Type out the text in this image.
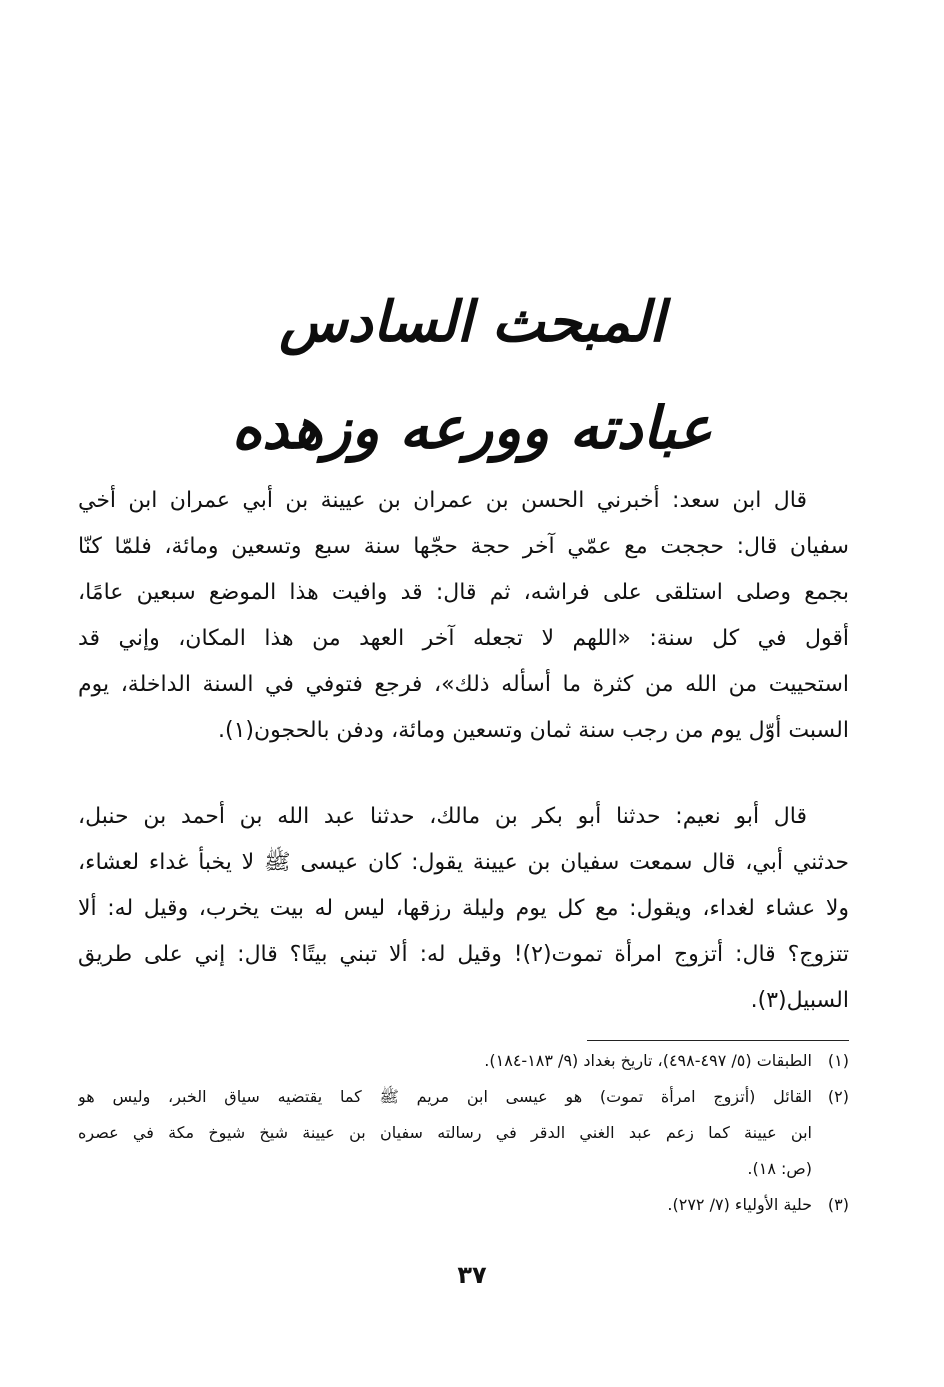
المبحث السادس
عبادته وورعه وزهده
قال ابن سعد: أخبرني الحسن بن عمران بن عيينة بن أبي عمران ابن أخي
سفيان قال: حججت مع عمّي آخر حجة حجّها سنة سبع وتسعين ومائة، فلمّا كنّا
بجمع وصلى استلقى على فراشه، ثم قال: قد وافيت هذا الموضع سبعين عامًا،
أقول في كل سنة: «اللهم لا تجعله آخر العهد من هذا المكان، وإني قد
استحييت من الله من كثرة ما أسأله ذلك»، فرجع فتوفي في السنة الداخلة، يوم
السبت أوّل يوم من رجب سنة ثمان وتسعين ومائة، ودفن بالحجون(١).
قال أبو نعيم: حدثنا أبو بكر بن مالك، حدثنا عبد الله بن أحمد بن حنبل،
حدثني أبي، قال سمعت سفيان بن عيينة يقول: كان عيسى ﷺ لا يخبأ غداء لعشاء،
ولا عشاء لغداء، ويقول: مع كل يوم وليلة رزقها، ليس له بيت يخرب، وقيل له: ألا
تتزوج؟ قال: أتزوج امرأة تموت(٢)! وقيل له: ألا تبني بيتًا؟ قال: إني على طريق
السبيل(٣).
(١)الطبقات (٥/ ٤٩٧-٤٩٨)، تاريخ بغداد (٩/ ١٨٣-١٨٤).
(٢)
القائل (أتزوج امرأة تموت) هو عيسى ابن مريم ﷺ كما يقتضيه سياق الخبر، وليس هو
ابن عيينة كما زعم عبد الغني الدقر في رسالته سفيان بن عيينة شيخ شيوخ مكة في عصره
(ص: ١٨).
(٣)حلية الأولياء (٧/ ٢٧٢).
٣٧
